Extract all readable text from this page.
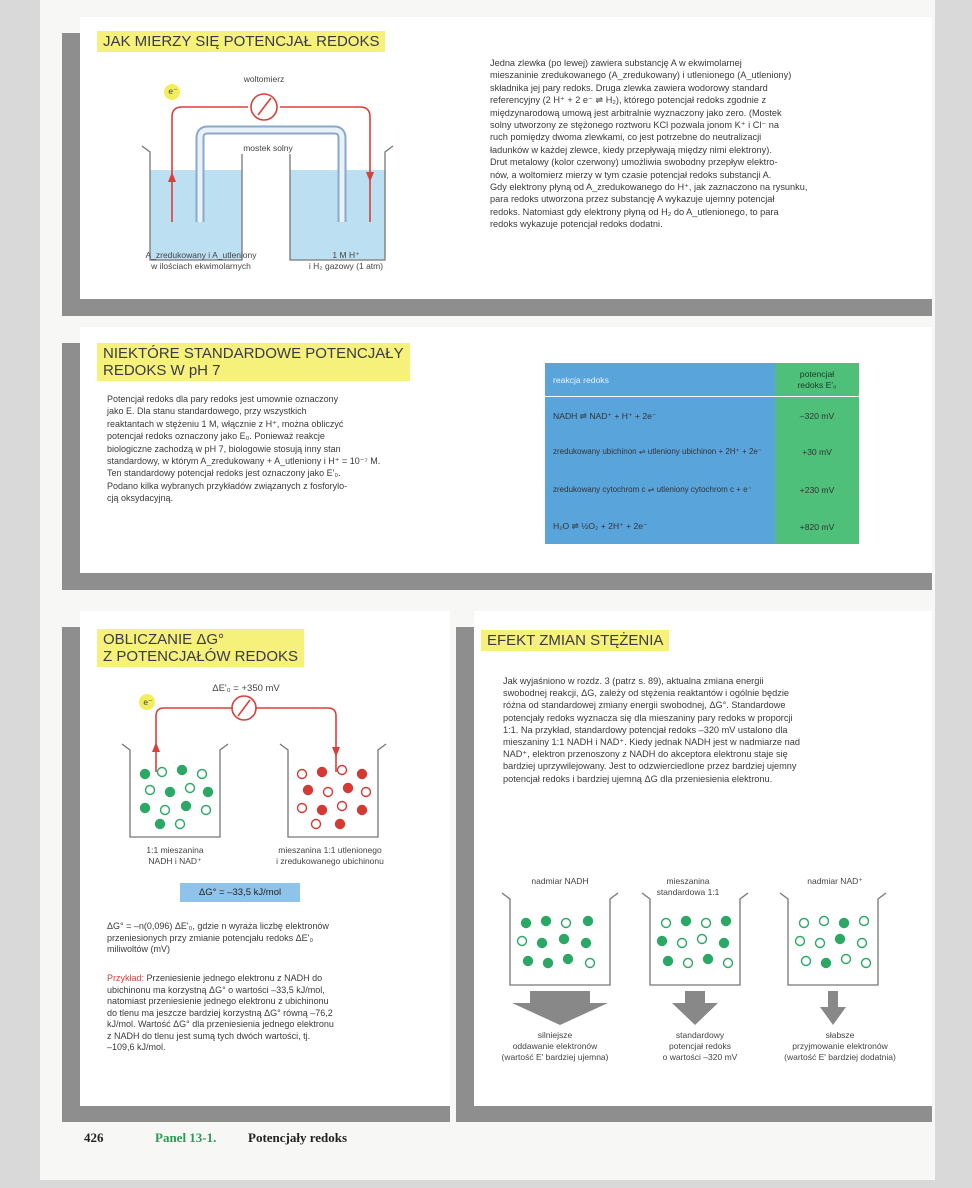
JAK MIERZY SIĘ POTENCJAŁ REDOKS
e⁻
woltomierz
mostek solny
A_zredukowany i A_utleniony
w ilościach ekwimolarnych
1 M H⁺
i H₂ gazowy (1 atm)

Jedna zlewka (po lewej) zawiera substancję A w ekwimolarnej

mieszaninie zredukowanego (A_zredukowany) i utlenionego (A_utleniony)

składnika jej pary redoks. Druga zlewka zawiera wodorowy standard

referencyjny (2 H⁺ + 2 e⁻ ⇌ H₂), którego potencjał redoks zgodnie z

międzynarodową umową jest arbitralnie wyznaczony jako zero. (Mostek

solny utworzony ze stężonego roztworu KCl pozwala jonom K⁺ i Cl⁻ na

ruch pomiędzy dwoma zlewkami, co jest potrzebne do neutralizacji

ładunków w każdej zlewce, kiedy przepływają między nimi elektrony).

Drut metalowy (kolor czerwony) umożliwia swobodny przepływ elektro-

nów, a woltomierz mierzy w tym czasie potencjał redoks substancji A.

Gdy elektrony płyną od A_zredukowanego do H⁺, jak zaznaczono na rysunku,

para redoks utworzona przez substancję A wykazuje ujemny potencjał

redoks. Natomiast gdy elektrony płyną od H₂ do A_utlenionego, to para

redoks wykazuje potencjał redoks dodatni.

NIEKTÓRE STANDARDOWE POTENCJAŁY
REDOKS W pH 7

Potencjał redoks dla pary redoks jest umownie oznaczony

jako E. Dla stanu standardowego, przy wszystkich

reaktantach w stężeniu 1 M, włącznie z H⁺, można obliczyć

potencjał redoks oznaczony jako E₀. Ponieważ reakcje

biologiczne zachodzą w pH 7, biologowie stosują inny stan

standardowy, w którym A_zredukowany + A_utleniony i H⁺ = 10⁻⁷ M.

Ten standardowy potencjał redoks jest oznaczony jako E'₀.

Podano kilka wybranych przykładów związanych z fosforylo-

cją oksydacyjną.

reakcja redoks
potencjał
redoks E'₀
NADH ⇌ NAD⁺ + H⁺ + 2e⁻	–320 mV
zredukowany ubichinon ⇌ utleniony ubichinon + 2H⁺ + 2e⁻	+30 mV
zredukowany cytochrom c ⇌ utleniony cytochrom c + e⁻	+230 mV
H₂O ⇌ ½O₂ + 2H⁺ + 2e⁻	+820 mV
OBLICZANIE ΔG°
Z POTENCJAŁÓW REDOKS
ΔE'₀ = +350 mV
e⁻
1:1 mieszanina
NADH i NAD⁺
mieszanina 1:1 utlenionego
i zredukowanego ubichinonu
ΔG° = –33,5 kJ/mol

ΔG° = –n(0,096) ΔE'₀, gdzie n wyraża liczbę elektronów

przeniesionych przy zmianie potencjału redoks ΔE'₀

miliwoltów (mV)

Przykład: Przeniesienie jednego elektronu z NADH do

ubichinonu ma korzystną ΔG° o wartości –33,5 kJ/mol,

natomiast przeniesienie jednego elektronu z ubichinonu

do tlenu ma jeszcze bardziej korzystną ΔG° równą –76,2

kJ/mol. Wartość ΔG° dla przeniesienia jednego elektronu

z NADH do tlenu jest sumą tych dwóch wartości, tj.

–109,6 kJ/mol.

EFEKT ZMIAN STĘŻENIA

Jak wyjaśniono w rozdz. 3 (patrz s. 89), aktualna zmiana energii

swobodnej reakcji, ΔG, zależy od stężenia reaktantów i ogólnie będzie

różna od standardowej zmiany energii swobodnej, ΔG°. Standardowe

potencjały redoks wyznacza się dla mieszaniny pary redoks w proporcji

1:1. Na przykład, standardowy potencjał redoks –320 mV ustalono dla

mieszaniny 1:1 NADH i NAD⁺. Kiedy jednak NADH jest w nadmiarze nad

NAD⁺, elektron przenoszony z NADH do akceptora elektronu staje się

bardziej uprzywilejowany. Jest to odzwierciedlone przez bardziej ujemny

potencjał redoks i bardziej ujemną ΔG dla przeniesienia elektronu.

nadmiar NADH	mieszanina
standardowa 1:1
nadmiar NAD⁺

silniejsze
oddawanie elektronów
(wartość E' bardziej ujemna)
standardowy
potencjał redoks
o wartości –320 mV
słabsze
przyjmowanie elektronów
(wartość E' bardziej dodatnia)
426	Panel 13-1. Potencjały redoks
